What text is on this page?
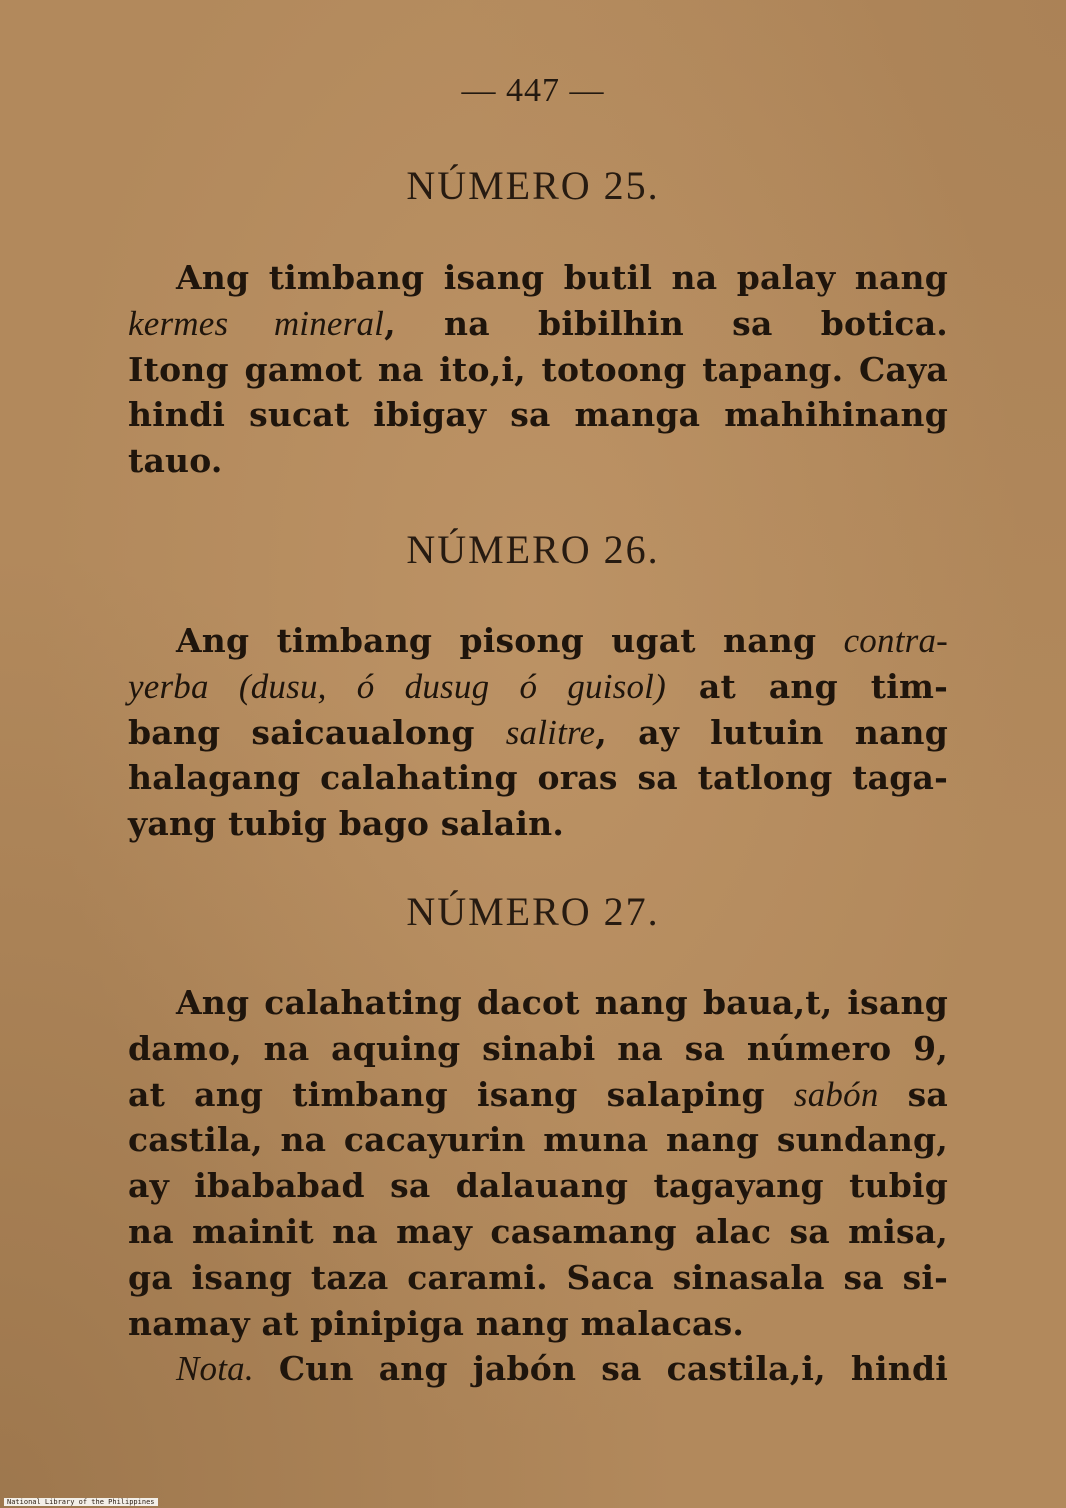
— 447 —
NÚMERO 25.
Ang timbang isang butil na palay nang
kermes mineral, na bibilhin sa botica.
Itong gamot na ito,i, totoong tapang. Caya
hindi sucat ibigay sa manga mahihinang
tauo.
NÚMERO 26.
Ang timbang pisong ugat nang contra-
yerba (dusu, ó dusug ó guisol) at ang tim-
bang saicaualong salitre, ay lutuin nang
halagang calahating oras sa tatlong taga-
yang tubig bago salain.
NÚMERO 27.
Ang calahating dacot nang baua,t, isang
damo, na aquing sinabi na sa número 9,
at ang timbang isang salaping sabón sa
castila, na cacayurin muna nang sundang,
ay ibababad sa dalauang tagayang tubig
na mainit na may casamang alac sa misa,
ga isang taza carami. Saca sinasala sa si-
namay at pinipiga nang malacas.
Nota. Cun ang jabón sa castila,i, hindi
National Library of the Philippines
